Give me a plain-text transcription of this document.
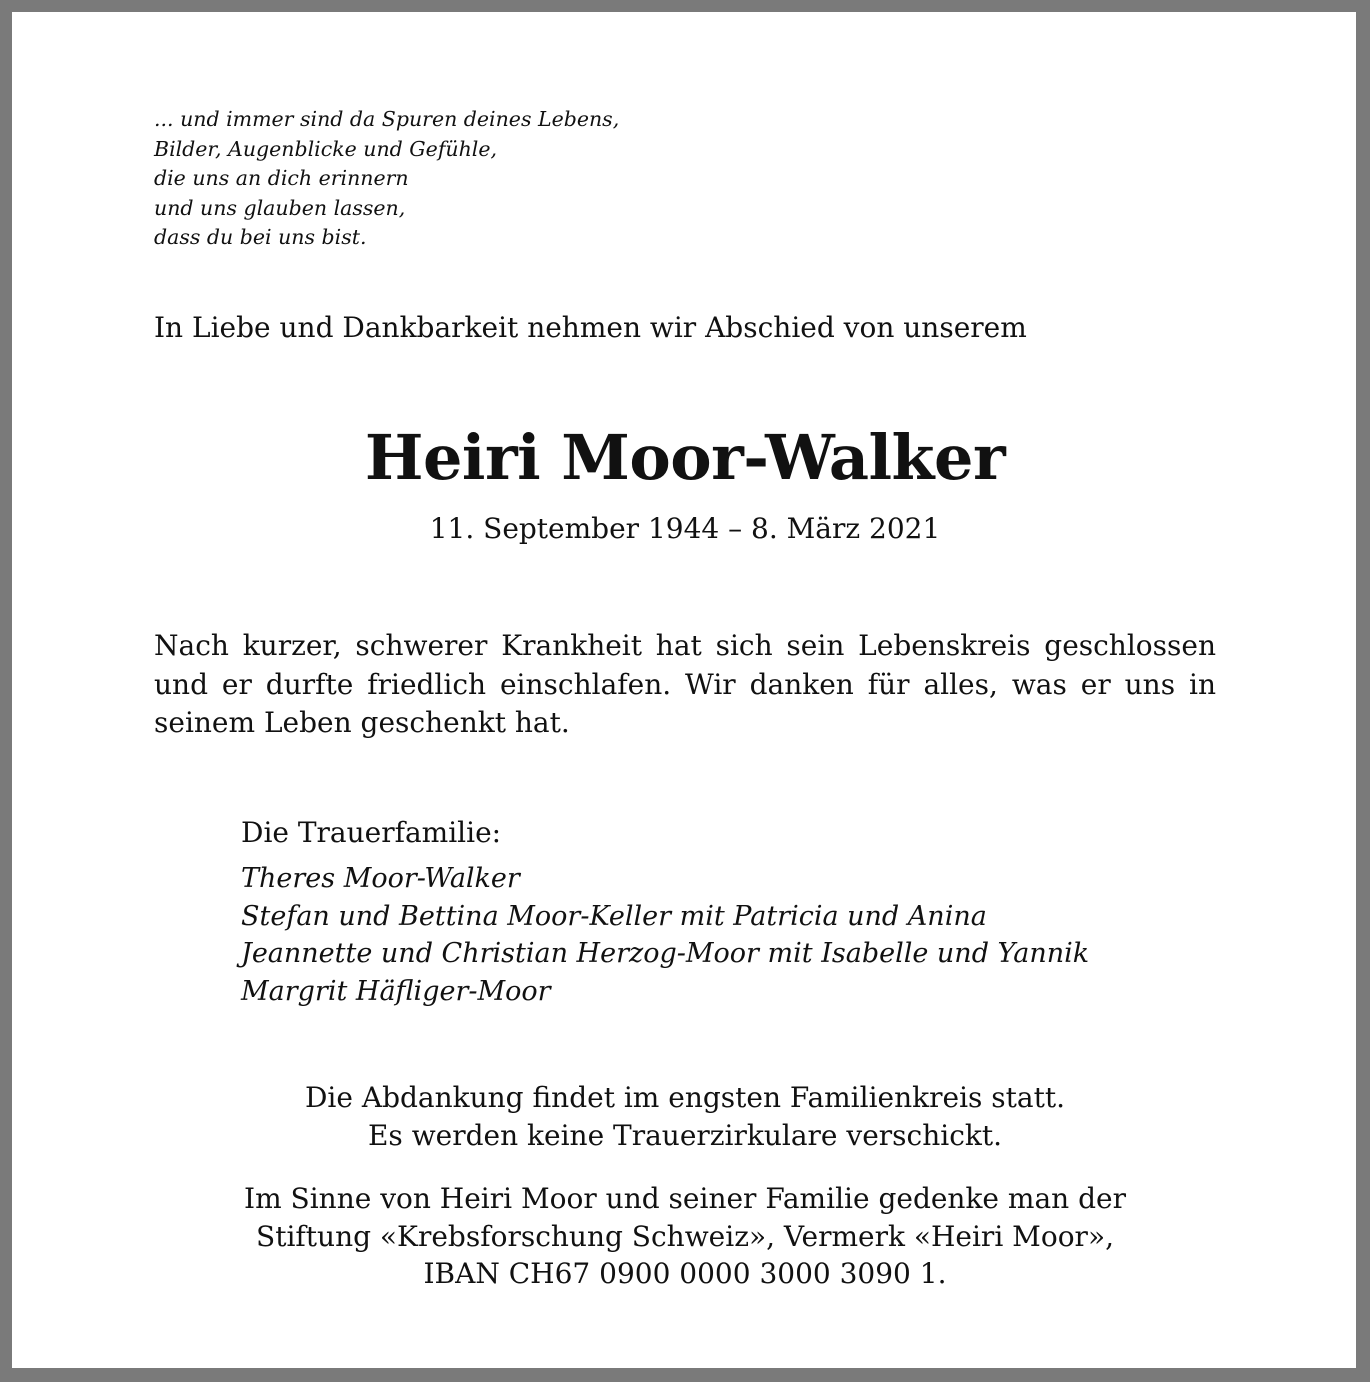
... und immer sind da Spuren deines Lebens,
Bilder, Augenblicke und Gefühle,
die uns an dich erinnern
und uns glauben lassen,
dass du bei uns bist.
In Liebe und Dankbarkeit nehmen wir Abschied von unserem
Heiri Moor-Walker
11. September 1944 – 8. März 2021
Nach kurzer, schwerer Krankheit hat sich sein Lebenskreis geschlossen und er durfte friedlich einschlafen. Wir danken für alles, was er uns in seinem Leben geschenkt hat.
Die Trauerfamilie:
Theres Moor-Walker
Stefan und Bettina Moor-Keller mit Patricia und Anina
Jeannette und Christian Herzog-Moor mit Isabelle und Yannik
Margrit Häfliger-Moor
Die Abdankung findet im engsten Familienkreis statt.
Es werden keine Trauerzirkulare verschickt.
Im Sinne von Heiri Moor und seiner Familie gedenke man der
Stiftung «Krebsforschung Schweiz», Vermerk «Heiri Moor»,
IBAN CH67 0900 0000 3000 3090 1.
